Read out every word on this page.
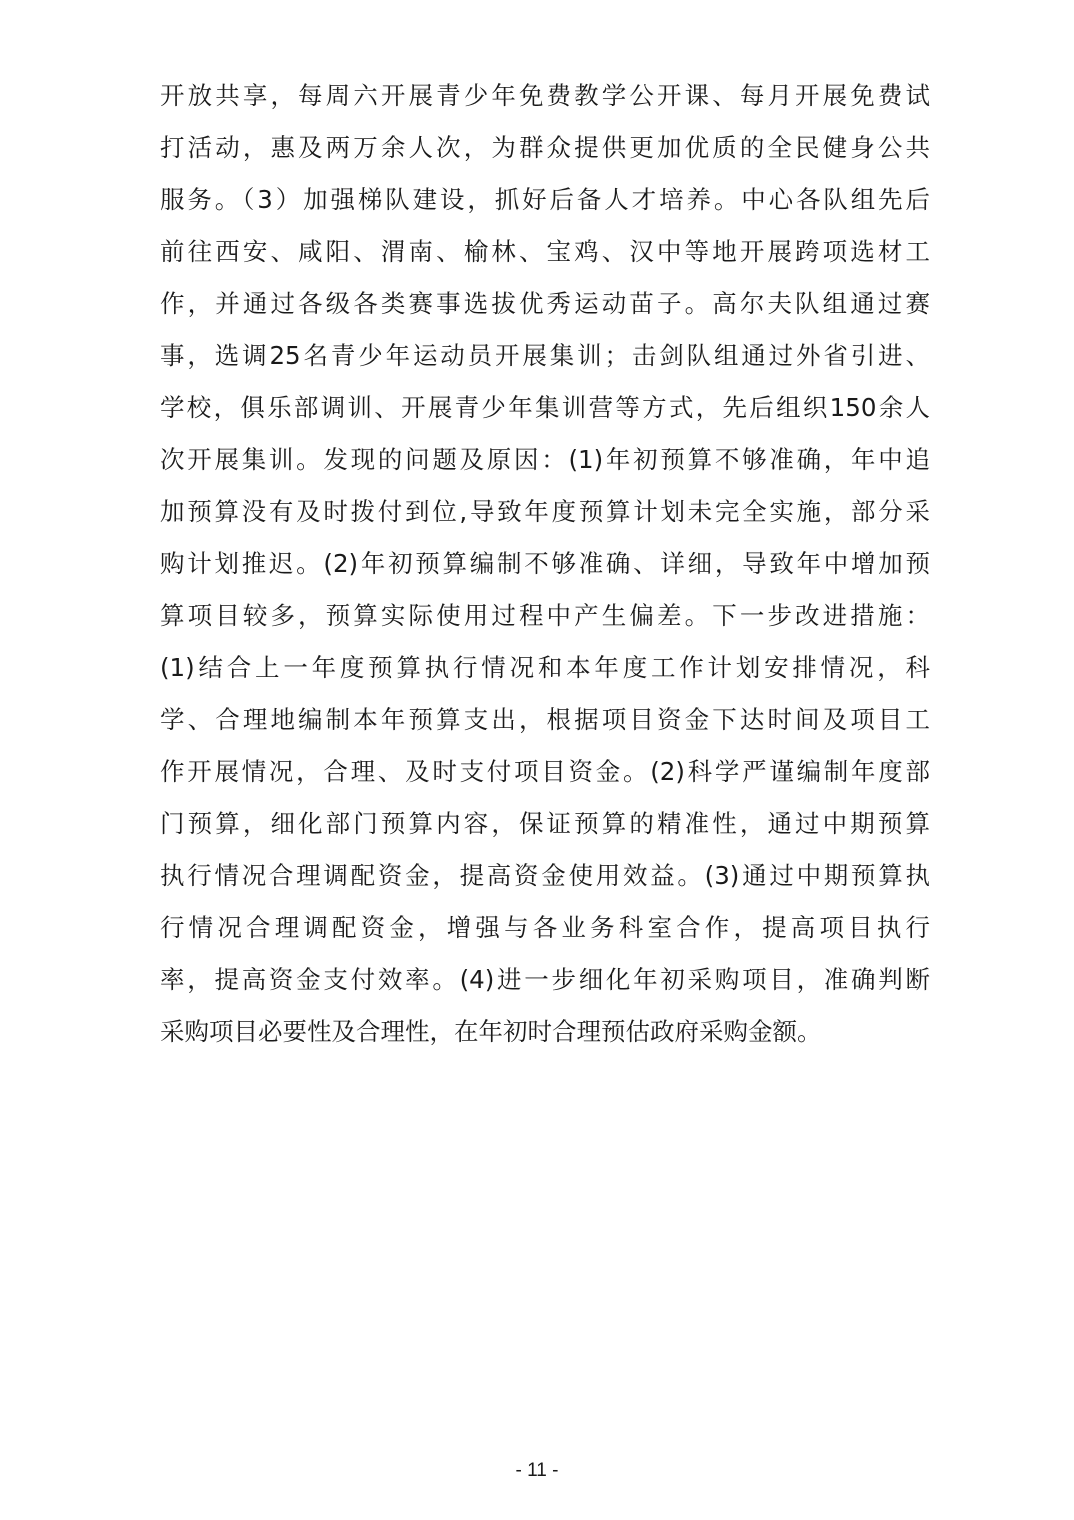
开放共享，每周六开展青少年免费教学公开课、每月开展免费试
打活动，惠及两万余人次，为群众提供更加优质的全民健身公共
服务。（3）加强梯队建设，抓好后备人才培养。中心各队组先后
前往西安、咸阳、渭南、榆林、宝鸡、汉中等地开展跨项选材工
作，并通过各级各类赛事选拔优秀运动苗子。高尔夫队组通过赛
事，选调25名青少年运动员开展集训；击剑队组通过外省引进、
学校，俱乐部调训、开展青少年集训营等方式，先后组织150余人
次开展集训。发现的问题及原因：(1)年初预算不够准确，年中追
加预算没有及时拨付到位,导致年度预算计划未完全实施，部分采
购计划推迟。(2)年初预算编制不够准确、详细，导致年中增加预
算项目较多，预算实际使用过程中产生偏差。下一步改进措施：
(1)结合上一年度预算执行情况和本年度工作计划安排情况，科
学、合理地编制本年预算支出，根据项目资金下达时间及项目工
作开展情况，合理、及时支付项目资金。(2)科学严谨编制年度部
门预算，细化部门预算内容，保证预算的精准性，通过中期预算
执行情况合理调配资金，提高资金使用效益。(3)通过中期预算执
行情况合理调配资金，增强与各业务科室合作，提高项目执行
率，提高资金支付效率。(4)进一步细化年初采购项目，准确判断
采购项目必要性及合理性，在年初时合理预估政府采购金额。
- 11 -
